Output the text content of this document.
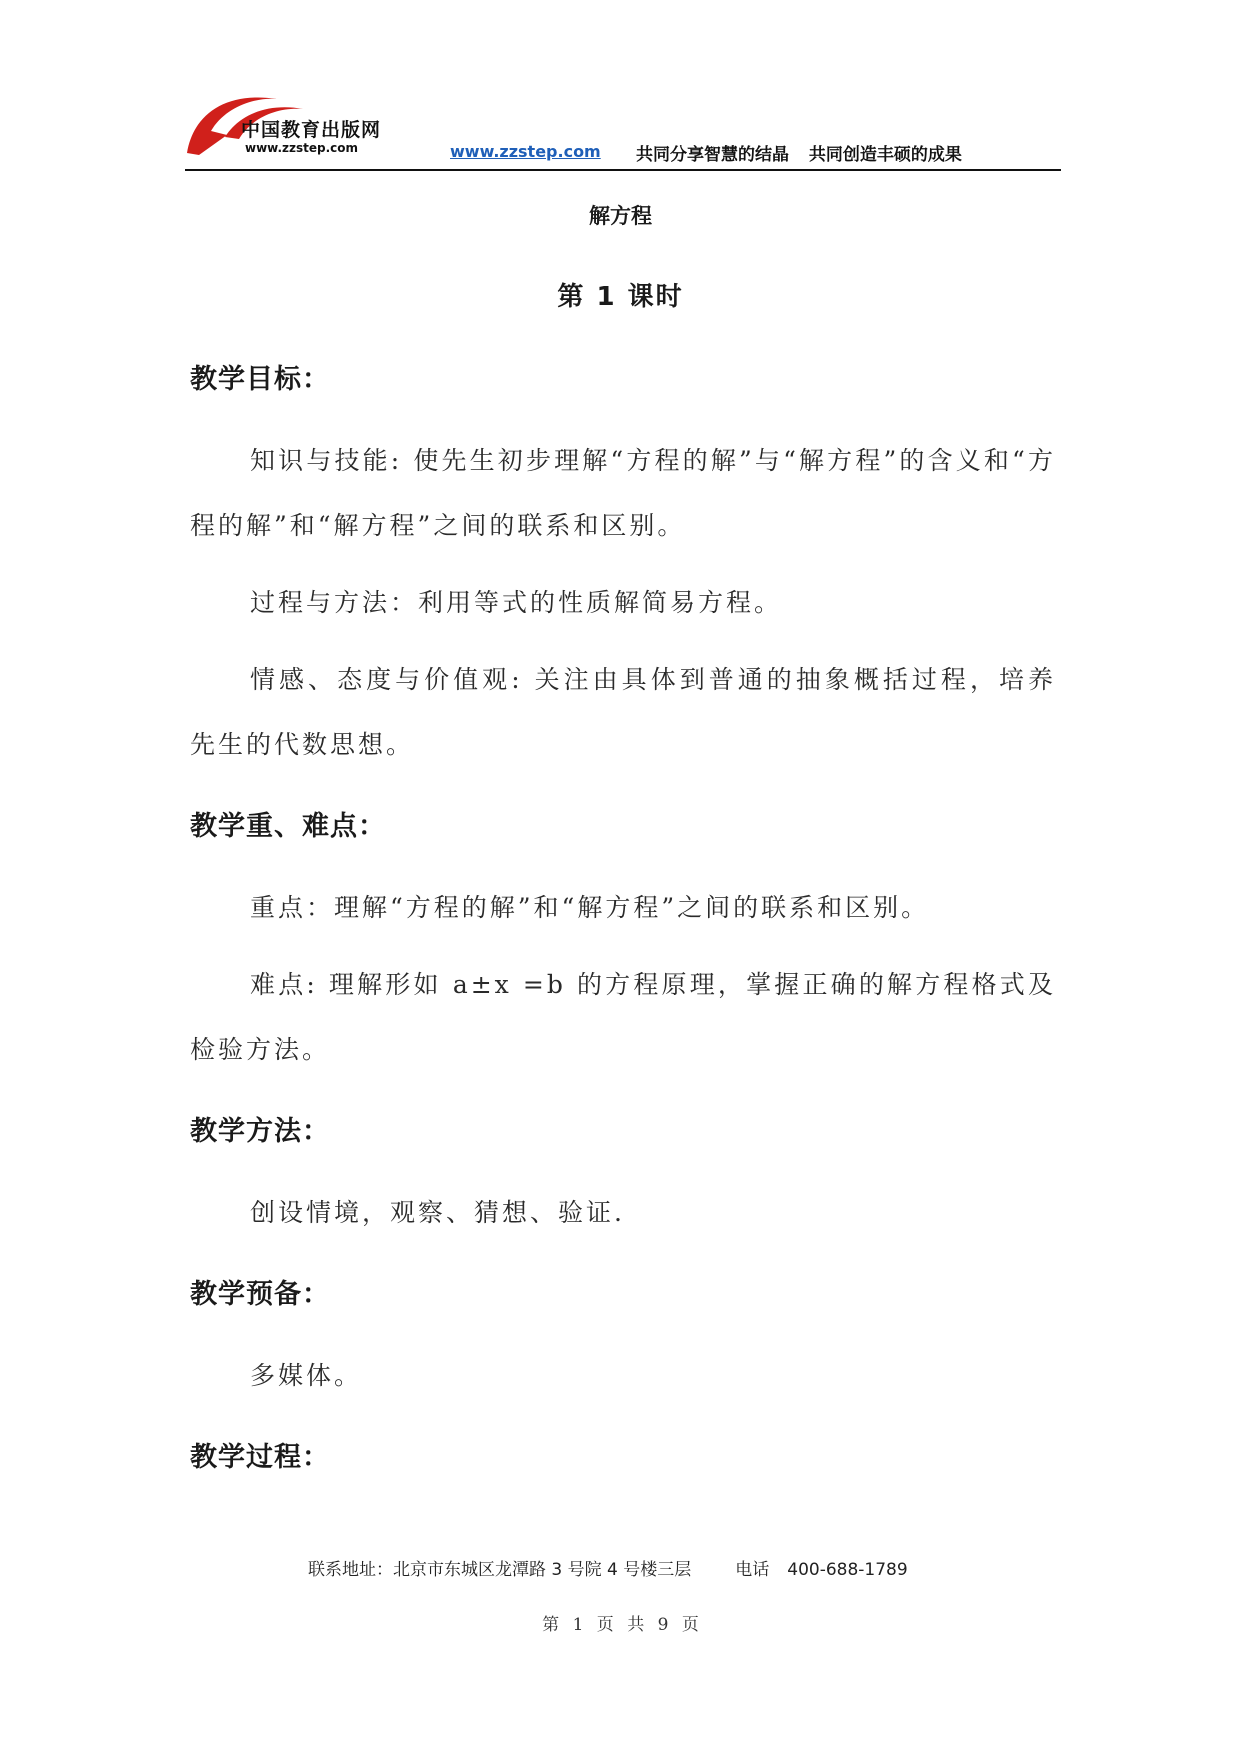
中国教育出版网
www.zzstep.com	www.zzstep.com 共同分享智慧的结晶 共同创造丰硕的成果
解方程
第 1 课时
教学目标：

知识与技能: 使先生初步理解“方程的解”与“解方程”的含义和“方程的解”和“解方程”之间的联系和区别。

过程与方法：利用等式的性质解简易方程。

情感、态度与价值观: 关注由具体到普通的抽象概括过程，培养先生的代数思想。

教学重、难点：

重点：理解“方程的解”和“解方程”之间的联系和区别。

难点: 理解形如 a±x =b 的方程原理，掌握正确的解方程格式及检验方法。

教学方法：

创设情境，观察、猜想、验证.

教学预备：

多媒体。

教学过程：
联系地址：北京市东城区龙潭路 3 号院 4 号楼三层	电话 400-688-1789
第 1 页 共 9 页
